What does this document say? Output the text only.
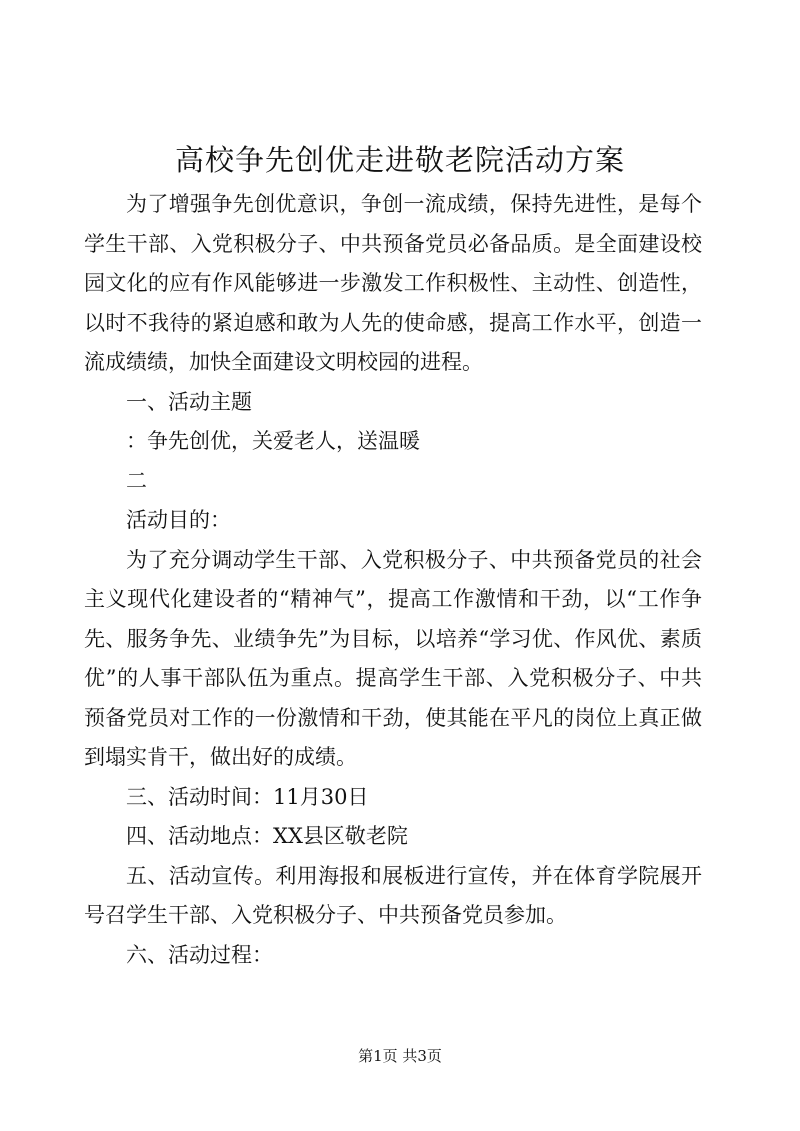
高校争先创优走进敬老院活动方案

为了增强争先创优意识，争创一流成绩，保持先进性，是每个学生干部、入党积极分子、中共预备党员必备品质。是全面建设校园文化的应有作风能够进一步激发工作积极性、主动性、创造性，以时不我待的紧迫感和敢为人先的使命感，提高工作水平，创造一流成绩绩，加快全面建设文明校园的进程。

一、活动主题

：争先创优，关爱老人，送温暖

二

活动目的：

为了充分调动学生干部、入党积极分子、中共预备党员的社会主义现代化建设者的“精神气”，提高工作激情和干劲，以“工作争先、服务争先、业绩争先”为目标，以培养“学习优、作风优、素质优”的人事干部队伍为重点。提高学生干部、入党积极分子、中共预备党员对工作的一份激情和干劲，使其能在平凡的岗位上真正做到塌实肯干，做出好的成绩。

三、活动时间：11月30日

四、活动地点：XX县区敬老院

五、活动宣传。利用海报和展板进行宣传，并在体育学院展开号召学生干部、入党积极分子、中共预备党员参加。

六、活动过程：

第1页 共3页
